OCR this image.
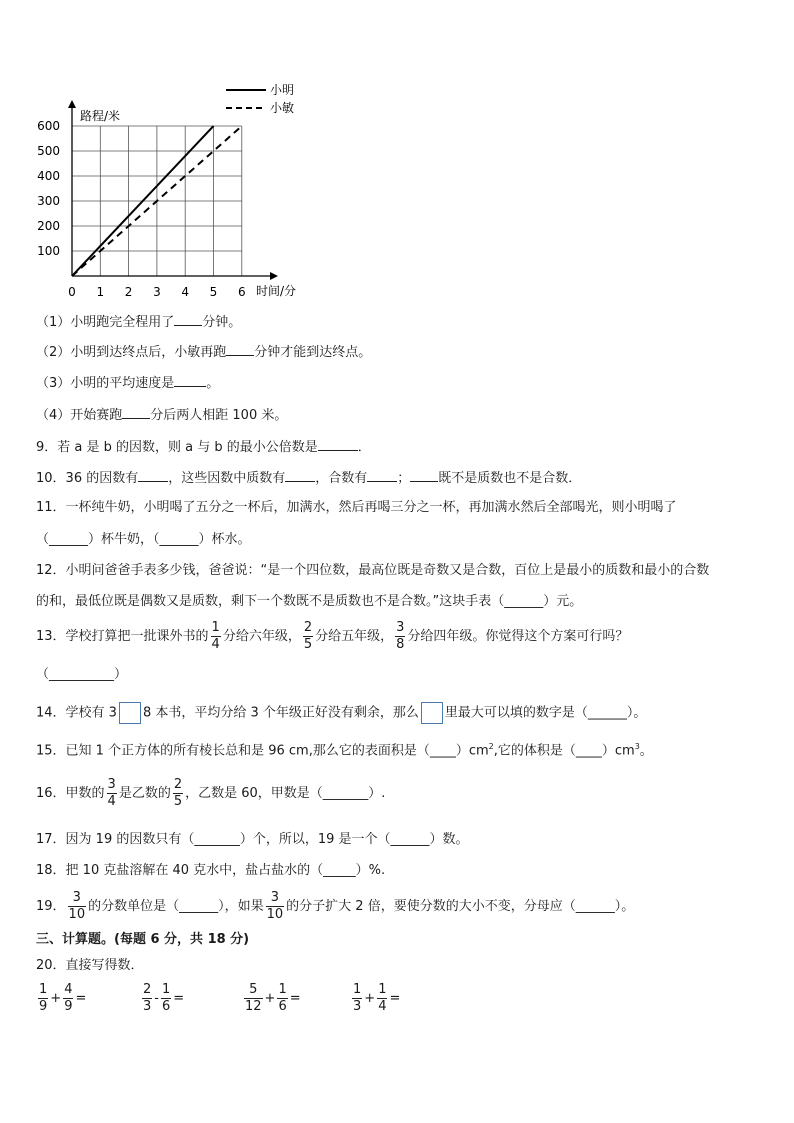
0 1 2 3 4 5 6
100
200
300
400
500
600
路程/米
时间/分
小明
小敏
（1）小明跑完全程用了 分钟。
（2）小明到达终点后，小敏再跑 分钟才能到达终点。
（3）小明的平均速度是 。
（4）开始赛跑 分后两人相距 100 米。
9．若 a 是 b 的因数，则 a 与 b 的最小公倍数是	．
10．36 的因数有 ，这些因数中质数有 ，合数有 ； 既不是质数也不是合数．
11．一杯纯牛奶，小明喝了五分之一杯后，加满水，然后再喝三分之一杯，再加满水然后全部喝光，则小明喝了
（______）杯牛奶，（______）杯水。
12．小明问爸爸手表多少钱，爸爸说：“是一个四位数，最高位既是奇数又是合数，百位上是最小的质数和最小的合数
的和，最低位既是偶数又是质数，剩下一个数既不是质数也不是合数。”这块手表（______）元。
13．学校打算把一批课外书的 $\frac{1}{4}$ 分给六年级， $\frac{2}{5}$ 分给五年级， $\frac{3}{8}$ 分给四年级。你觉得这个方案可行吗？
（__________）
14．学校有 3 8 本书，平均分给 3 个年级正好没有剩余，那么 里最大可以填的数字是（______）。
15．已知 1 个正方体的所有棱长总和是 96 cm,那么它的表面积是$(\_\_\_\_)cm^2$,它的体积是$(\_\_\_\_)cm^3$。
16．甲数的 $\frac{3}{4}$ 是乙数的 $\frac{2}{5}$ ，乙数是 60，甲数是（_______）.
17．因为 19 的因数只有（_______）个，所以，19 是一个（______）数。
18．把 10 克盐溶解在 40 克水中，盐占盐水的（_____）%.
19． $\frac{3}{10}$ 的分数单位是（______），如果 $\frac{3}{10}$ 的分子扩大 2 倍，要使分数的大小不变，分母应（______）。
三、计算题。(每题 6 分，共 18 分)
20．直接写得数．
$\frac{1}{9} + \frac{4}{9}$ =	$\frac{2}{3} - \frac{1}{6}$ =	$\frac{5}{12} + \frac{1}{6}$ =	$\frac{1}{3} + \frac{1}{4}$ =
